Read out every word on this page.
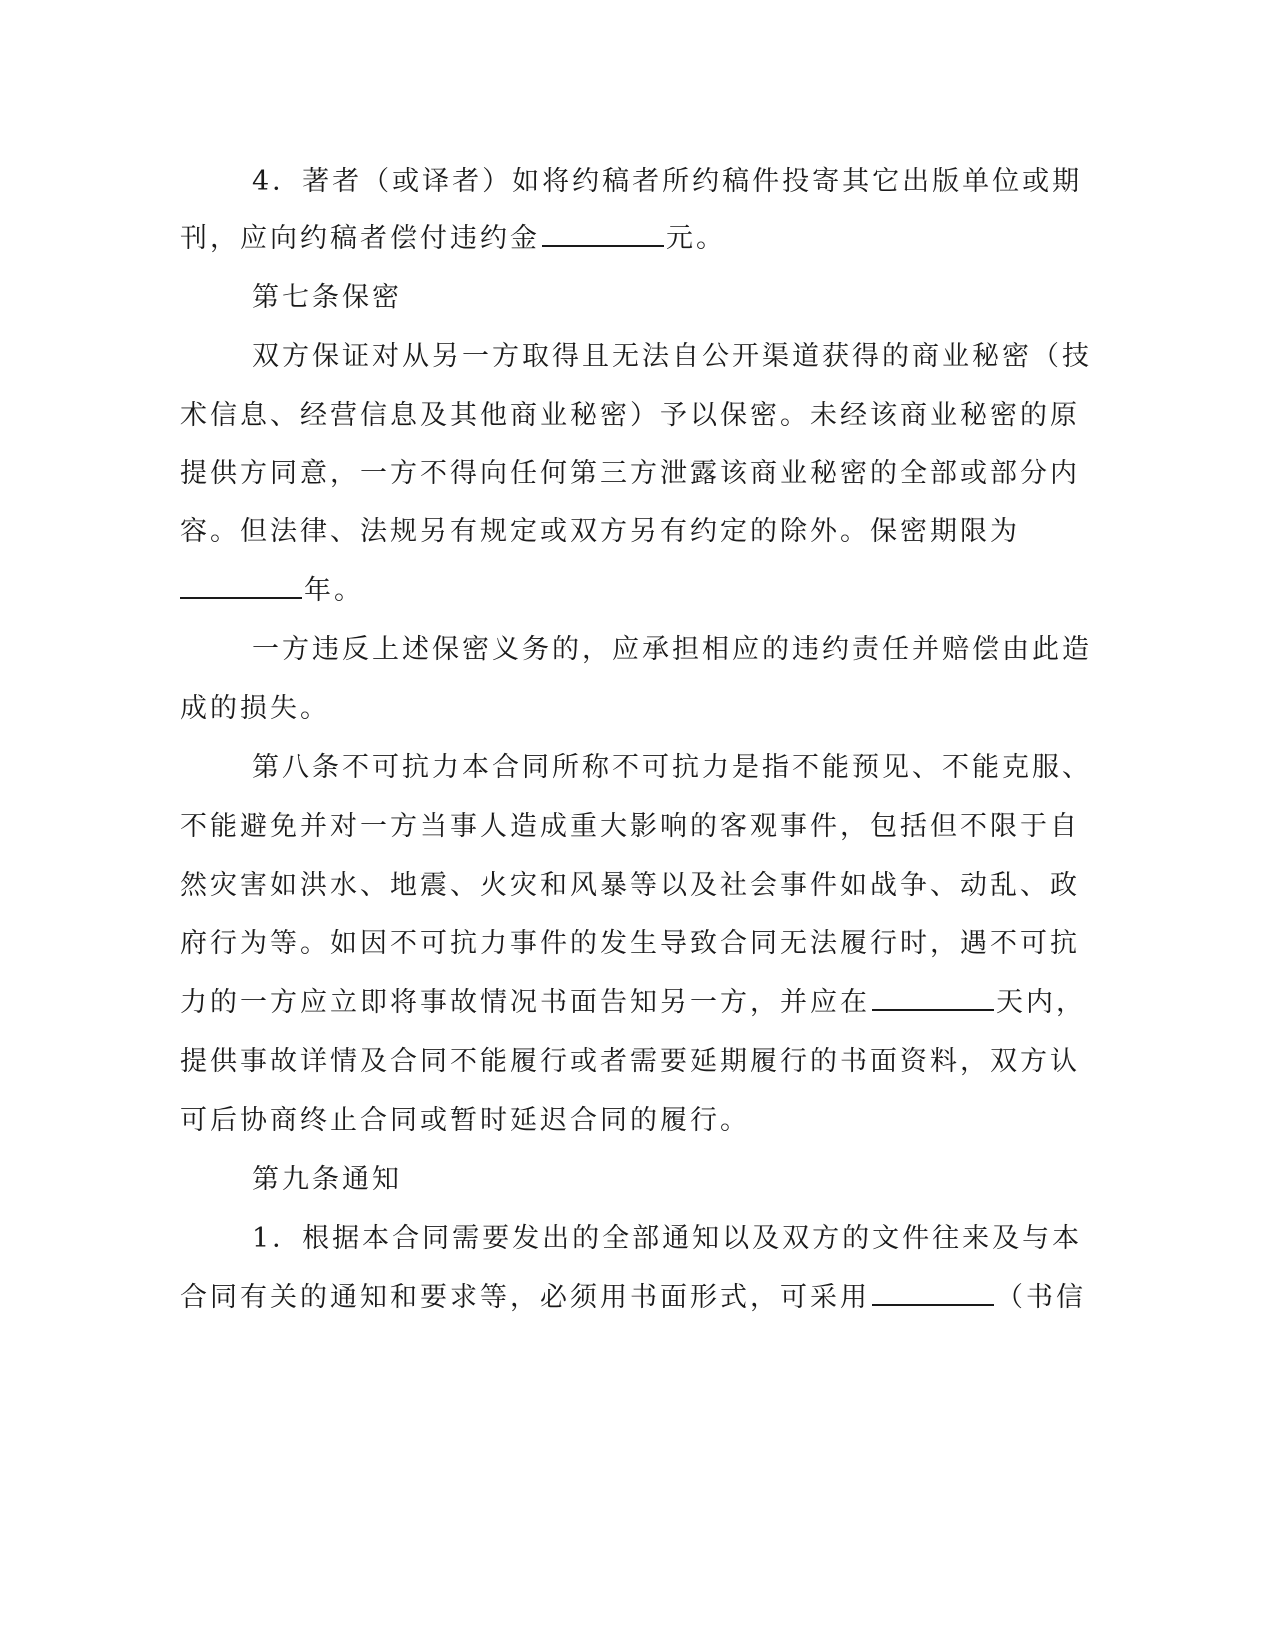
4．著者（或译者）如将约稿者所约稿件投寄其它出版单位或期
刊，应向约稿者偿付违约金	元。
第七条保密
双方保证对从另一方取得且无法自公开渠道获得的商业秘密（技
术信息、经营信息及其他商业秘密）予以保密。未经该商业秘密的原
提供方同意，一方不得向任何第三方泄露该商业秘密的全部或部分内
容。但法律、法规另有规定或双方另有约定的除外。保密期限为
年。
一方违反上述保密义务的，应承担相应的违约责任并赔偿由此造
成的损失。
第八条不可抗力本合同所称不可抗力是指不能预见、不能克服、
不能避免并对一方当事人造成重大影响的客观事件，包括但不限于自
然灾害如洪水、地震、火灾和风暴等以及社会事件如战争、动乱、政
府行为等。如因不可抗力事件的发生导致合同无法履行时，遇不可抗
力的一方应立即将事故情况书面告知另一方，并应在	天内，
提供事故详情及合同不能履行或者需要延期履行的书面资料，双方认
可后协商终止合同或暂时延迟合同的履行。
第九条通知
1．根据本合同需要发出的全部通知以及双方的文件往来及与本
合同有关的通知和要求等，必须用书面形式，可采用	（书信
